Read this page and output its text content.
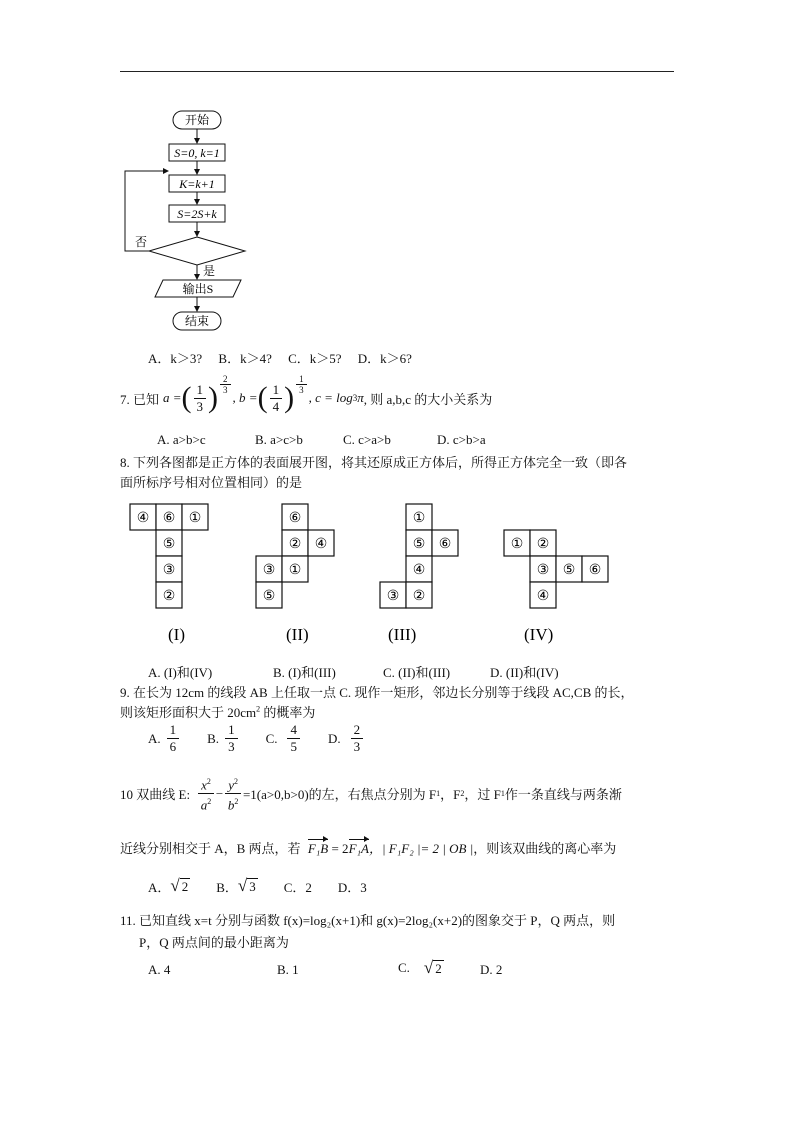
开始
S=0, k=1
K=k+1
S=2S+k
否
是
输出S
结束
A．k＞3?　 B．k＞4?　 C．k＞5?　 D．k＞6?
7. 已知 a = ( $\frac{1}{3}$ ) $\frac{2}{3}$
, b = ( $\frac{1}{4}$ ) $\frac{1}{3}$
, c = log 3 π , 则 a,b,c 的大小关系为
A. a>b>c	B. a>c>b	C. c>a>b	D. c>b>a
8. 下列各图都是正方体的表面展开图，将其还原成正方体后，所得正方体完全一致（即各
面所标序号相对位置相同）的是
④ ⑥ ①
⑤
③
②
(I)
⑥
② ④
③ ①
⑤
(II)
①
⑤ ⑥
④
③ ②
(III)
① ②
③ ⑤ ⑥
④
(IV)
A. (I)和(IV)	B. (I)和(III)	C. (II)和(III)	D. (II)和(IV)
9. 在长为 12cm 的线段 AB 上任取一点 C. 现作一矩形，邻边长分别等于线段 AC,CB 的长，
则该矩形面积大于 $20cm^2$ 的概率为
A. $\frac{1}{6} B$. $\frac{1}{3} C$. $\frac{4}{5} D$. $\frac{2}{3}$
10 双曲线 E: $\frac{x^2}{a^2} - \frac{y^2}{b^2} =1(a>0,b>0)$的左，右焦点分别为 F 1 ，F 2 ，过 F 1 作一条直线与两条渐
近线分别相交于 A，B 两点，若 F₁B = 2F₁A，| F₁F₂ |= 2 | OB |，则该双曲线的离心率为
A． √ 2 B． √ 3 C．2 D．3
11. 已知直线 x=t 分别与函数 f(x)=log₂(x+1)和 g(x)=2log₂(x+2)的图象交于 P，Q 两点，则
P，Q 两点间的最小距离为
A. 4	B. 1	C. √ 2	D. 2
